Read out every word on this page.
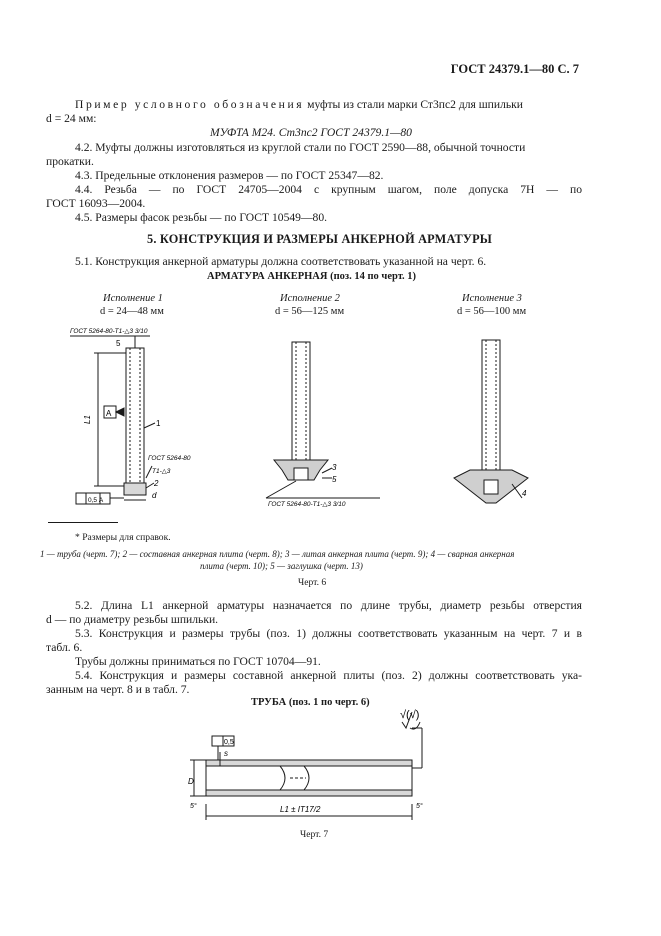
ГОСТ 24379.1—80 С. 7
Пример условного обозначения муфты из стали марки Ст3пс2 для шпильки
d = 24 мм:
МУФТА М24. Ст3пс2 ГОСТ 24379.1—80
4.2. Муфты должны изготовляться из круглой стали по ГОСТ 2590—88, обычной точности
прокатки.
4.3. Предельные отклонения размеров — по ГОСТ 25347—82.
4.4. Резьба — по ГОСТ 24705—2004 с крупным шагом, поле допуска 7Н — по
ГОСТ 16093—2004.
4.5. Размеры фасок резьбы — по ГОСТ 10549—80.
5. КОНСТРУКЦИЯ И РАЗМЕРЫ АНКЕРНОЙ АРМАТУРЫ
5.1. Конструкция анкерной арматуры должна соответствовать указанной на черт. 6.
АРМАТУРА АНКЕРНАЯ (поз. 14 по черт. 1)
Исполнение 1
d = 24—48 мм
Исполнение 2
d = 56—125 мм
Исполнение 3
d = 56—100 мм
ГОСТ 5264-80-Т1-△3 3/10
5
L1
А
1
ГОСТ 5264-80
Т1-△3
2
d
0,5 А
3
5
ГОСТ 5264-80-Т1-△3 3/10
4
* Размеры для справок.
1 — труба (черт. 7); 2 — составная анкерная плита (черт. 8); 3 — литая анкерная плита (черт. 9); 4 — сварная анкерная
плита (черт. 10); 5 — заглушка (черт. 13)
Черт. 6
5.2. Длина L1 анкерной арматуры назначается по длине трубы, диаметр резьбы отверстия
d — по диаметру резьбы шпильки.
5.3. Конструкция и размеры трубы (поз. 1) должны соответствовать указанным на черт. 7 и в
табл. 6.
Трубы должны приниматься по ГОСТ 10704—91.
5.4. Конструкция и размеры составной анкерной плиты (поз. 2) должны соответствовать ука-
занным на черт. 8 и в табл. 7.
ТРУБА (поз. 1 по черт. 6)
√(√)
0,5
s
D
5°	5°
L1 ± IT17/2
Черт. 7
